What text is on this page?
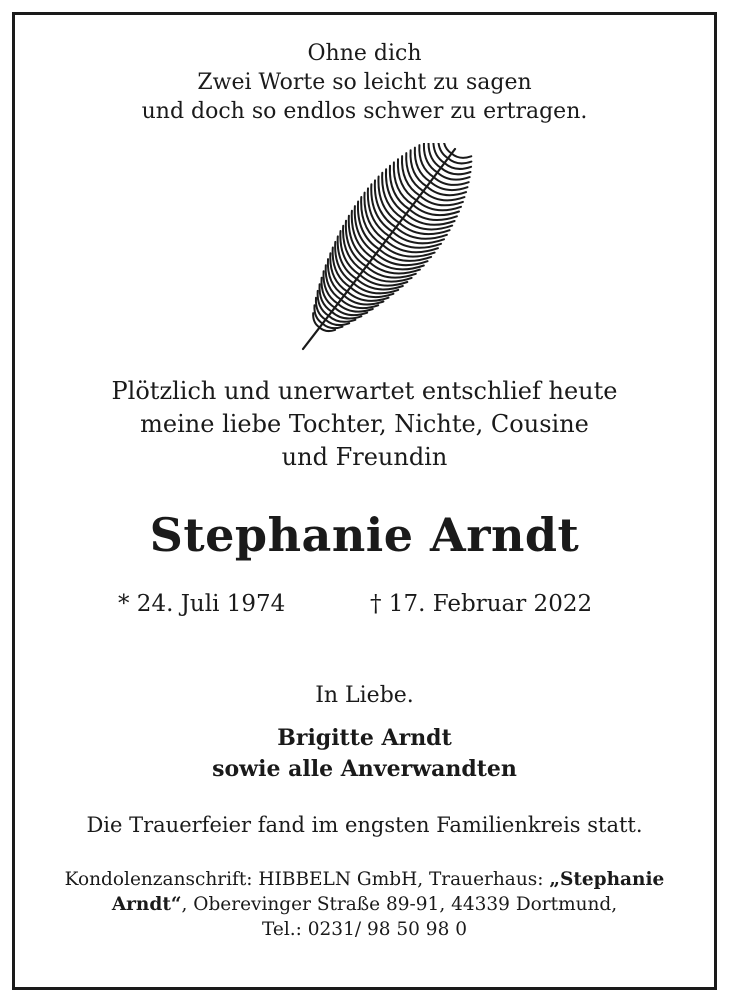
Ohne dich
Zwei Worte so leicht zu sagen
und doch so endlos schwer zu ertragen.
Plötzlich und unerwartet entschlief heute
meine liebe Tochter, Nichte, Cousine
und Freundin
Stephanie Arndt
* 24. Juli 1974	† 17. Februar 2022
In Liebe.
Brigitte Arndt
sowie alle Anverwandten
Die Trauerfeier fand im engsten Familienkreis statt.
Kondolenzanschrift: HIBBELN GmbH, Trauerhaus: „Stephanie
Arndt“, Oberevinger Straße 89-91, 44339 Dortmund,
Tel.: 0231/ 98 50 98 0
